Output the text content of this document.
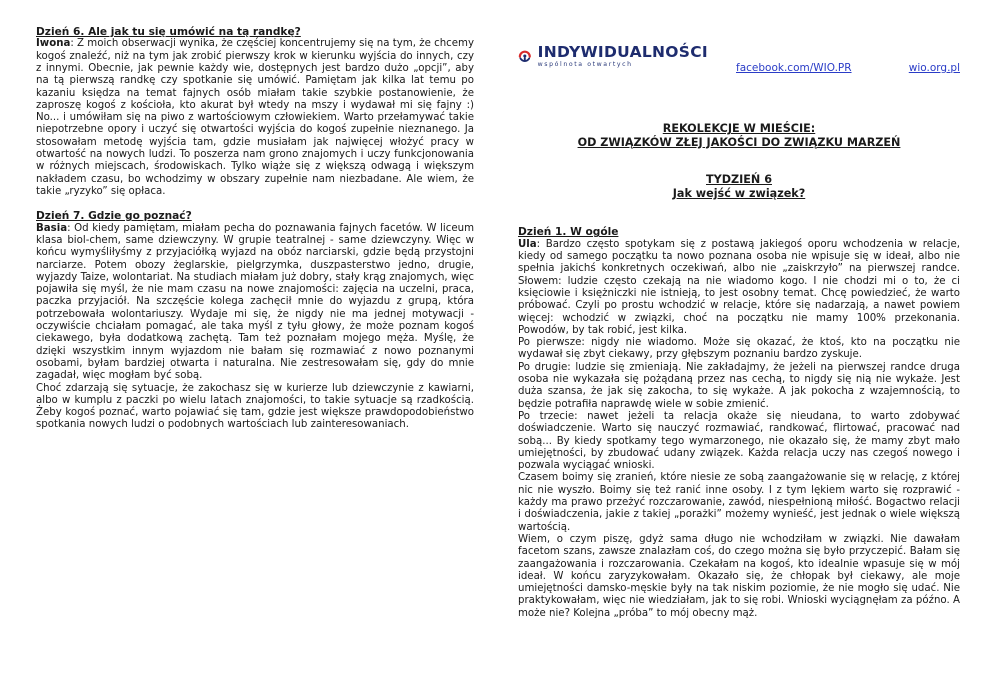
Dzień 6. Ale jak tu się umówić na tą randkę?

Iwona: Z moich obserwacji wynika, że częściej koncentrujemy się na tym, że chcemy kogoś znaleźć, niż na tym jak zrobić pierwszy krok w kierunku wyjścia do innych, czy z innymi. Obecnie, jak pewnie każdy wie, dostępnych jest bardzo dużo „opcji”, aby na tą pierwszą randkę czy spotkanie się umówić. Pamiętam jak kilka lat temu po kazaniu księdza na temat fajnych osób miałam takie szybkie postanowienie, że zaproszę kogoś z kościoła, kto akurat był wtedy na mszy i wydawał mi się fajny :) No... i umówiłam się na piwo z wartościowym człowiekiem. Warto przełamywać takie niepotrzebne opory i uczyć się otwartości wyjścia do kogoś zupełnie nieznanego. Ja stosowałam metodę wyjścia tam, gdzie musiałam jak najwięcej włożyć pracy w otwartość na nowych ludzi. To poszerza nam grono znajomych i uczy funkcjonowania w różnych miejscach, środowiskach. Tylko wiąże się z większą odwagą i większym nakładem czasu, bo wchodzimy w obszary zupełnie nam niezbadane. Ale wiem, że takie „ryzyko” się opłaca.

Dzień 7. Gdzie go poznać?

Basia: Od kiedy pamiętam, miałam pecha do poznawania fajnych facetów. W liceum klasa biol-chem, same dziewczyny. W grupie teatralnej - same dziewczyny. Więc w końcu wymyśliłyśmy z przyjaciółką wyjazd na obóz narciarski, gdzie będą przystojni narciarze. Potem obozy żeglarskie, pielgrzymka, duszpasterstwo jedno, drugie, wyjazdy Taize, wolontariat. Na studiach miałam już dobry, stały krąg znajomych, więc pojawiła się myśl, że nie mam czasu na nowe znajomości: zajęcia na uczelni, praca, paczka przyjaciół. Na szczęście kolega zachęcił mnie do wyjazdu z grupą, która potrzebowała wolontariuszy. Wydaje mi się, że nigdy nie ma jednej motywacji - oczywiście chciałam pomagać, ale taka myśl z tyłu głowy, że może poznam kogoś ciekawego, była dodatkową zachętą. Tam też poznałam mojego męża. Myślę, że dzięki wszystkim innym wyjazdom nie bałam się rozmawiać z nowo poznanymi osobami, byłam bardziej otwarta i naturalna. Nie zestresowałam się, gdy do mnie zagadał, więc mogłam być sobą.

Choć zdarzają się sytuacje, że zakochasz się w kurierze lub dziewczynie z kawiarni, albo w kumplu z paczki po wielu latach znajomości, to takie sytuacje są rzadkością. Żeby kogoś poznać, warto pojawiać się tam, gdzie jest większe prawdopodobieństwo spotkania nowych ludzi o podobnych wartościach lub zainteresowaniach.

INDYWIDUALNOŚCI
wspólnota otwartych	facebook.com/WIO.PR	wio.org.pl

REKOLEKCJE W MIEŚCIE:

OD ZWIĄZKÓW ZŁEJ JAKOŚCI DO ZWIĄZKU MARZEŃ

TYDZIEŃ 6

Jak wejść w związek?

Dzień 1. W ogóle

Ula: Bardzo często spotykam się z postawą jakiegoś oporu wchodzenia w relacje, kiedy od samego początku ta nowo poznana osoba nie wpisuje się w ideał, albo nie spełnia jakichś konkretnych oczekiwań, albo nie „zaiskrzyło” na pierwszej randce. Słowem: ludzie często czekają na nie wiadomo kogo. I nie chodzi mi o to, że ci księciowie i księżniczki nie istnieją, to jest osobny temat. Chcę powiedzieć, że warto próbować. Czyli po prostu wchodzić w relacje, które się nadarzają, a nawet powiem więcej: wchodzić w związki, choć na początku nie mamy 100% przekonania. Powodów, by tak robić, jest kilka.

Po pierwsze: nigdy nie wiadomo. Może się okazać, że ktoś, kto na początku nie wydawał się zbyt ciekawy, przy głębszym poznaniu bardzo zyskuje.

Po drugie: ludzie się zmieniają. Nie zakładajmy, że jeżeli na pierwszej randce druga osoba nie wykazała się pożądaną przez nas cechą, to nigdy się nią nie wykaże. Jest duża szansa, że jak się zakocha, to się wykaże. A jak pokocha z wzajemnością, to będzie potrafiła naprawdę wiele w sobie zmienić.

Po trzecie: nawet jeżeli ta relacja okaże się nieudana, to warto zdobywać doświadczenie. Warto się nauczyć rozmawiać, randkować, flirtować, pracować nad sobą... By kiedy spotkamy tego wymarzonego, nie okazało się, że mamy zbyt mało umiejętności, by zbudować udany związek. Każda relacja uczy nas czegoś nowego i pozwala wyciągać wnioski.

Czasem boimy się zranień, które niesie ze sobą zaangażowanie się w relację, z której nic nie wyszło. Boimy się też ranić inne osoby. I z tym lękiem warto się rozprawić - każdy ma prawo przeżyć rozczarowanie, zawód, niespełnioną miłość. Bogactwo relacji i doświadczenia, jakie z takiej „porażki” możemy wynieść, jest jednak o wiele większą wartością.

Wiem, o czym piszę, gdyż sama długo nie wchodziłam w związki. Nie dawałam facetom szans, zawsze znalazłam coś, do czego można się było przyczepić. Bałam się zaangażowania i rozczarowania. Czekałam na kogoś, kto idealnie wpasuje się w mój ideał. W końcu zaryzykowałam. Okazało się, że chłopak był ciekawy, ale moje umiejętności damsko-męskie były na tak niskim poziomie, że nie mogło się udać. Nie praktykowałam, więc nie wiedziałam, jak to się robi. Wnioski wyciągnęłam za późno. A może nie? Kolejna „próba” to mój obecny mąż.
